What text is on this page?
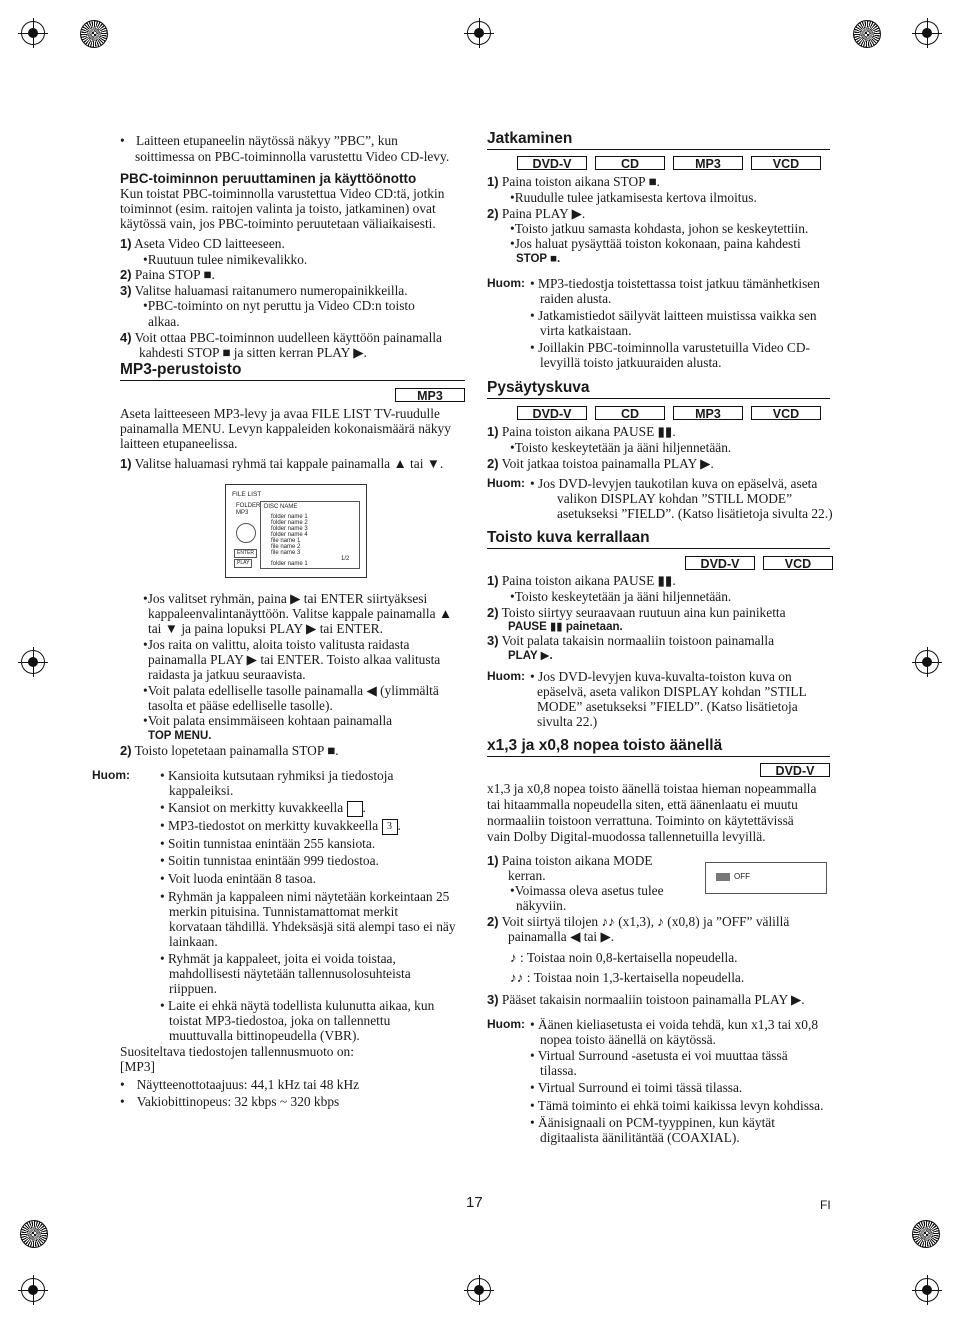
• Laitteen etupaneelin näytössä näkyy ”PBC”, kun
soittimessa on PBC-toiminnolla varustettu Video CD-levy.
PBC-toiminnon peruuttaminen ja käyttöönotto
Kun toistat PBC-toiminnolla varustettua Video CD:tä, jotkin
toiminnot (esim. raitojen valinta ja toisto, jatkaminen) ovat
käytössä vain, jos PBC-toiminto peruutetaan väliaikaisesti.
1) Aseta Video CD laitteeseen.
•Ruutuun tulee nimikevalikko.
2) Paina STOP ■.
3) Valitse haluamasi raitanumero numeropainikkeilla.
•PBC-toiminto on nyt peruttu ja Video CD:n toisto
alkaa.
4) Voit ottaa PBC-toiminnon uudelleen käyttöön painamalla
kahdesti STOP ■ ja sitten kerran PLAY ▶.
MP3-perustoisto
MP3
Aseta laitteeseen MP3-levy ja avaa FILE LIST TV-ruudulle
painamalla MENU. Levyn kappaleiden kokonaismäärä näkyy
laitteen etupaneelissa.
1) Valitse haluamasi ryhmä tai kappale painamalla ▲ tai ▼.
FILE LIST
FOLDER
MP3
ENTER
PLAY
DISC NAME
folder name 1
folder name 2
folder name 3
folder name 4
file name 1
file name 2
file name 3
1/2
folder name 1
•Jos valitset ryhmän, paina ▶ tai ENTER siirtyäksesi
kappaleenvalintanäyttöön. Valitse kappale painamalla ▲
tai ▼ ja paina lopuksi PLAY ▶ tai ENTER.
•Jos raita on valittu, aloita toisto valitusta raidasta
painamalla PLAY ▶ tai ENTER. Toisto alkaa valitusta
raidasta ja jatkuu seuraavista.
•Voit palata edelliselle tasolle painamalla ◀ (ylimmältä
tasolta et pääse edelliselle tasolle).
•Voit palata ensimmäiseen kohtaan painamalla
TOP MENU.
2) Toisto lopetetaan painamalla STOP ■.
Huom: • Kansioita kutsutaan ryhmiksi ja tiedostoja
kappaleiksi.
• Kansiot on merkitty kuvakkeella .
• MP3-tiedostot on merkitty kuvakkeella 3 .
• Soitin tunnistaa enintään 255 kansiota.
• Soitin tunnistaa enintään 999 tiedostoa.
• Voit luoda enintään 8 tasoa.
• Ryhmän ja kappaleen nimi näytetään korkeintaan 25
merkin pituisina. Tunnistamattomat merkit
korvataan tähdillä. Yhdeksäsjä sitä alempi taso ei näy
lainkaan.
• Ryhmät ja kappaleet, joita ei voida toistaa,
mahdollisesti näytetään tallennusolosuhteista
riippuen.
• Laite ei ehkä näytä todellista kulunutta aikaa, kun
toistat MP3-tiedostoa, joka on tallennettu
muuttuvalla bittinopeudella (VBR).
Suositeltava tiedostojen tallennusmuoto on:
[MP3]
• Näytteenottotaajuus: 44,1 kHz tai 48 kHz
• Vakiobittinopeus: 32 kbps ~ 320 kbps
Jatkaminen
DVD-V	CD	MP3	VCD
1) Paina toiston aikana STOP ■.
•Ruudulle tulee jatkamisesta kertova ilmoitus.
2) Paina PLAY ▶.
•Toisto jatkuu samasta kohdasta, johon se keskeytettiin.
•Jos haluat pysäyttää toiston kokonaan, paina kahdesti
STOP ■.
Huom: • MP3-tiedostja toistettassa toist jatkuu tämänhetkisen
raiden alusta.
• Jatkamistiedot säilyvät laitteen muistissa vaikka sen
virta katkaistaan.
• Joillakin PBC-toiminnolla varustetuilla Video CD-
levyillä toisto jatkuuraiden alusta.
Pysäytyskuva
DVD-V	CD	MP3	VCD
1) Paina toiston aikana PAUSE ▮▮.
•Toisto keskeytetään ja ääni hiljennetään.
2) Voit jatkaa toistoa painamalla PLAY ▶.
Huom: • Jos DVD-levyjen taukotilan kuva on epäselvä, aseta
valikon DISPLAY kohdan ”STILL MODE”
asetukseksi ”FIELD”. (Katso lisätietoja sivulta 22.)
Toisto kuva kerrallaan
DVD-V	VCD
1) Paina toiston aikana PAUSE ▮▮.
•Toisto keskeytetään ja ääni hiljennetään.
2) Toisto siirtyy seuraavaan ruutuun aina kun painiketta
PAUSE ▮▮ painetaan.
3) Voit palata takaisin normaaliin toistoon painamalla
PLAY ▶.
Huom: • Jos DVD-levyjen kuva-kuvalta-toiston kuva on
epäselvä, aseta valikon DISPLAY kohdan ”STILL
MODE” asetukseksi ”FIELD”. (Katso lisätietoja
sivulta 22.)
x1,3 ja x0,8 nopea toisto äänellä
DVD-V
x1,3 ja x0,8 nopea toisto äänellä toistaa hieman nopeammalla
tai hitaammalla nopeudella siten, että äänenlaatu ei muutu
normaaliin toistoon verrattuna. Toiminto on käytettävissä
vain Dolby Digital-muodossa tallennetuilla levyillä.
1) Paina toiston aikana MODE
kerran.
•Voimassa oleva asetus tulee
näkyviin.
OFF
2) Voit siirtyä tilojen ♪♪ (x1,3), ♪ (x0,8) ja ”OFF” välillä
painamalla ◀ tai ▶.
♪ : Toistaa noin 0,8-kertaisella nopeudella.
♪♪ : Toistaa noin 1,3-kertaisella nopeudella.
3) Pääset takaisin normaaliin toistoon painamalla PLAY ▶.
Huom: • Äänen kieliasetusta ei voida tehdä, kun x1,3 tai x0,8
nopea toisto äänellä on käytössä.
• Virtual Surround -asetusta ei voi muuttaa tässä
tilassa.
• Virtual Surround ei toimi tässä tilassa.
• Tämä toiminto ei ehkä toimi kaikissa levyn kohdissa.
• Äänisignaali on PCM-tyyppinen, kun käytät
digitaalista äänilitäntää (COAXIAL).
17	FI
